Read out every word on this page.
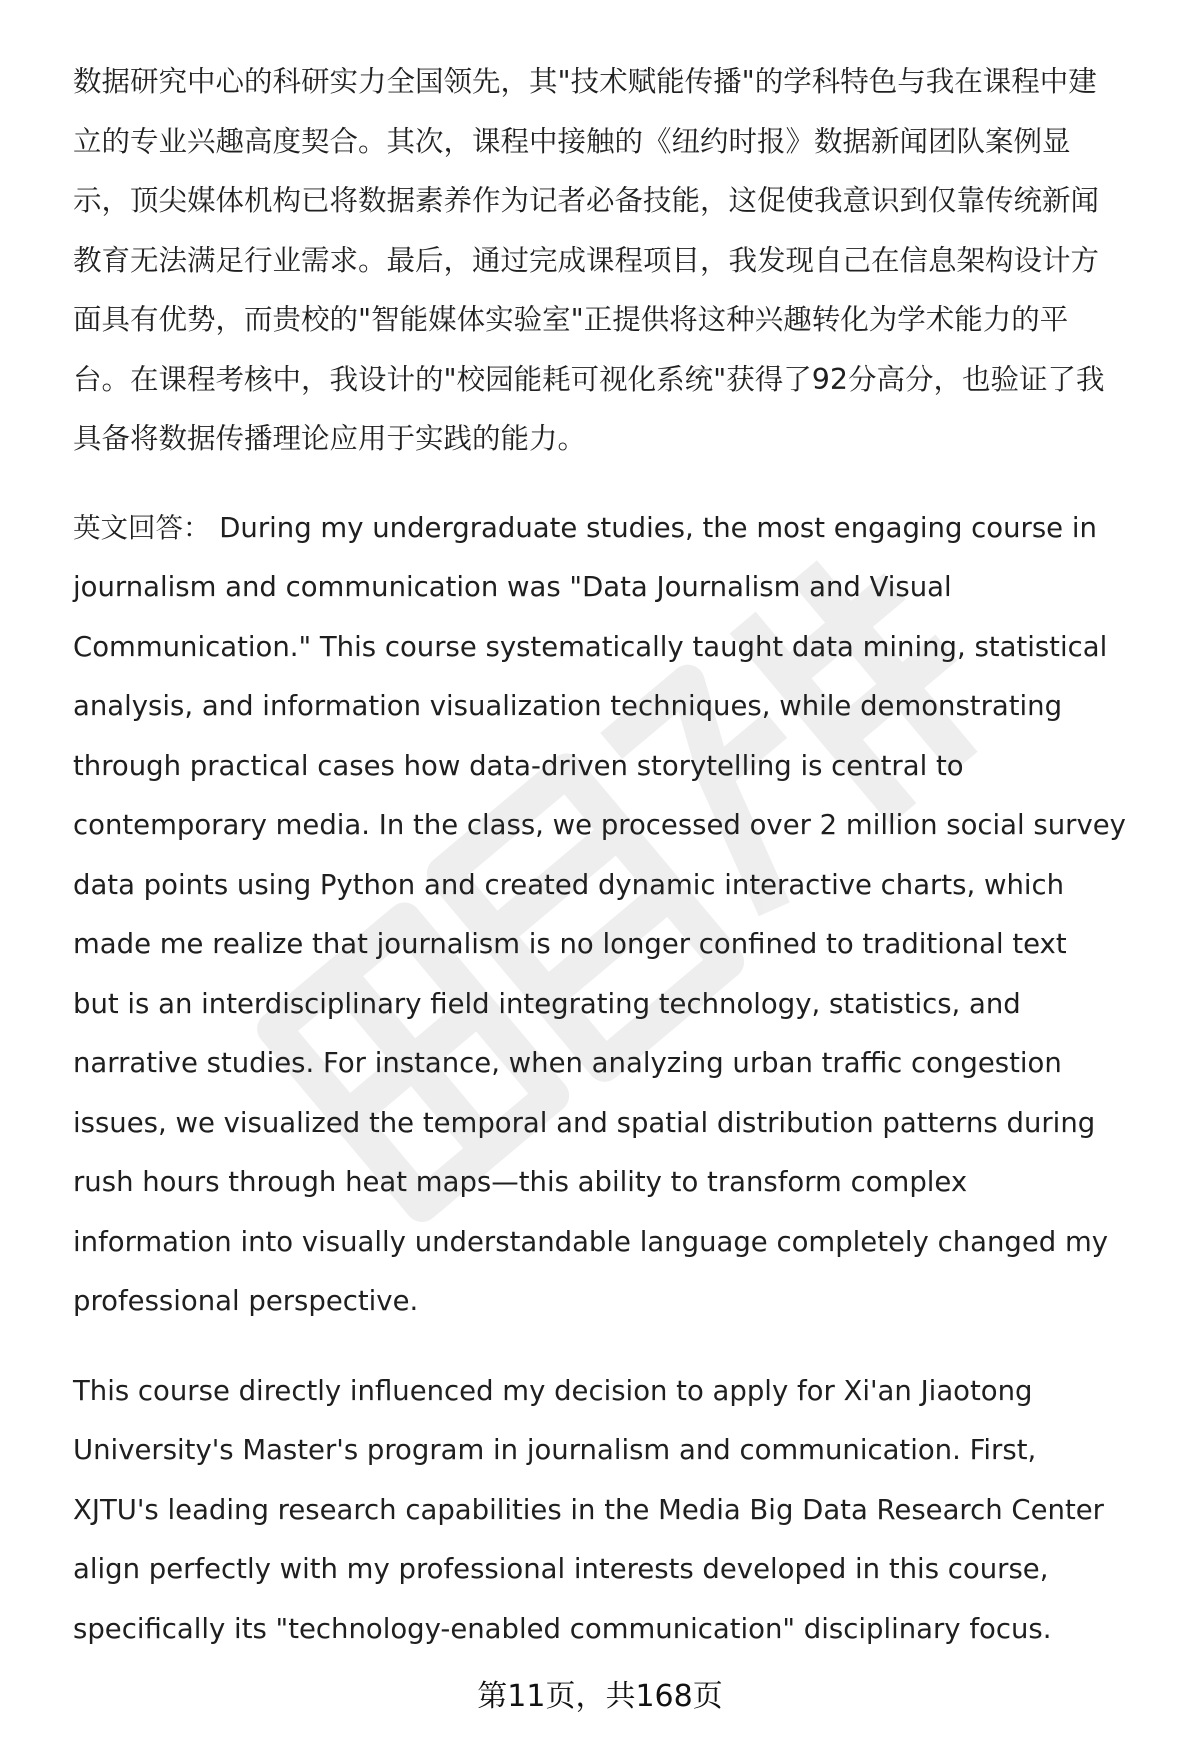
数据研究中心的科研实力全国领先，其"技术赋能传播"的学科特色与我在课程中建
立的专业兴趣高度契合。其次，课程中接触的《纽约时报》数据新闻团队案例显
示，顶尖媒体机构已将数据素养作为记者必备技能，这促使我意识到仅靠传统新闻
教育无法满足行业需求。最后，通过完成课程项目，我发现自己在信息架构设计方
面具有优势，而贵校的"智能媒体实验室"正提供将这种兴趣转化为学术能力的平
台。在课程考核中，我设计的"校园能耗可视化系统"获得了92分高分，也验证了我
具备将数据传播理论应用于实践的能力。

英文回答： During my undergraduate studies, the most engaging course in
journalism and communication was "Data Journalism and Visual
Communication." This course systematically taught data mining, statistical
analysis, and information visualization techniques, while demonstrating
through practical cases how data-driven storytelling is central to
contemporary media. In the class, we processed over 2 million social survey
data points using Python and created dynamic interactive charts, which
made me realize that journalism is no longer confined to traditional text
but is an interdisciplinary field integrating technology, statistics, and
narrative studies. For instance, when analyzing urban traffic congestion
issues, we visualized the temporal and spatial distribution patterns during
rush hours through heat maps—this ability to transform complex
information into visually understandable language completely changed my
professional perspective.

This course directly influenced my decision to apply for Xi'an Jiaotong
University's Master's program in journalism and communication. First,
XJTU's leading research capabilities in the Media Big Data Research Center
align perfectly with my professional interests developed in this course,
specifically its "technology-enabled communication" disciplinary focus.

第11页，共168页
